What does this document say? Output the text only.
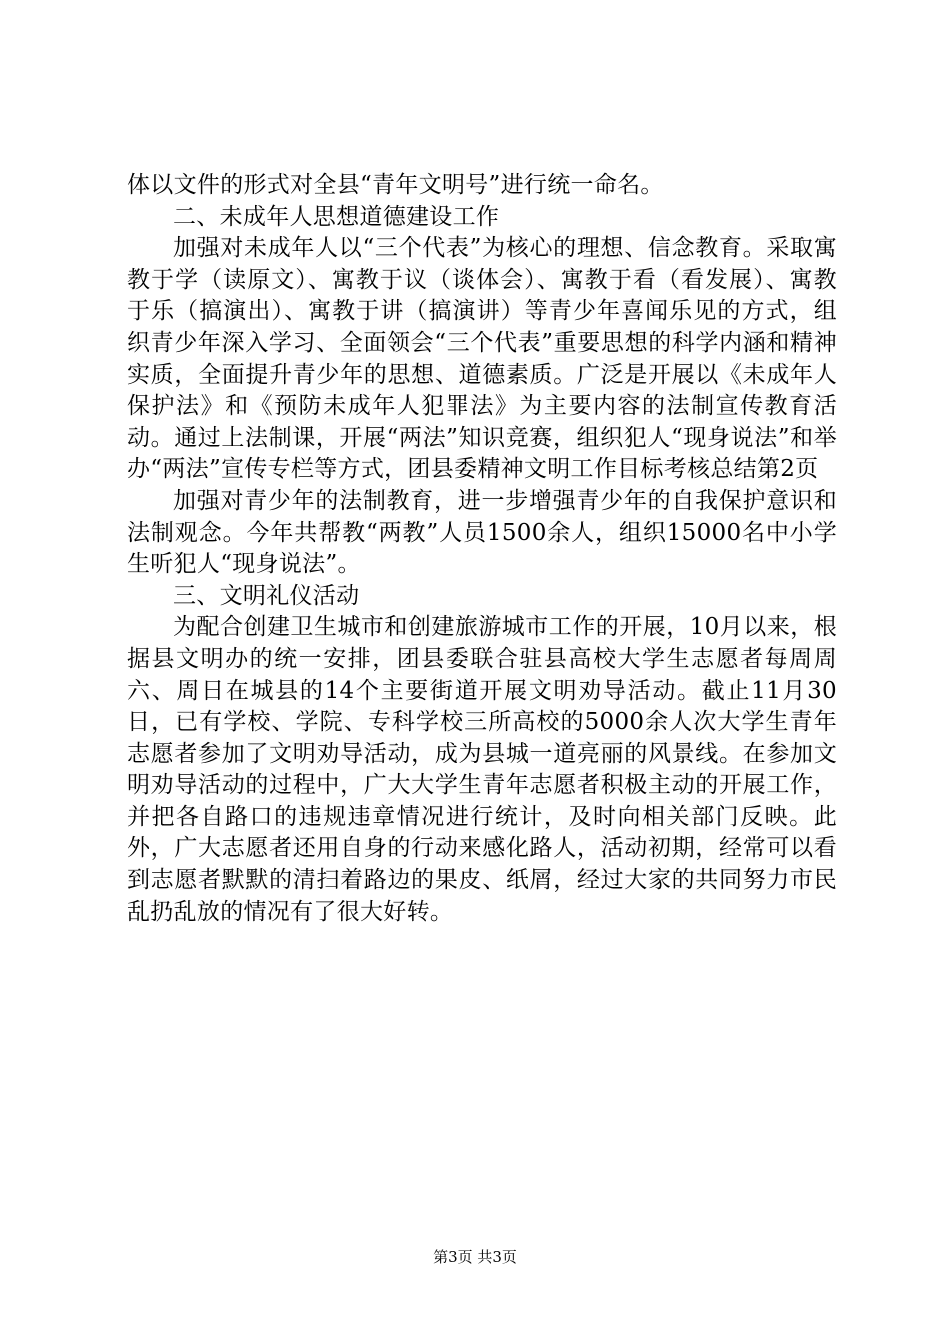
体以文件的形式对全县“青年文明号”进行统一命名。

二、未成年人思想道德建设工作

加强对未成年人以“三个代表”为核心的理想、信念教育。采取寓教于学（读原文）、寓教于议（谈体会）、寓教于看（看发展）、寓教于乐（搞演出）、寓教于讲（搞演讲）等青少年喜闻乐见的方式，组织青少年深入学习、全面领会“三个代表”重要思想的科学内涵和精神实质，全面提升青少年的思想、道德素质。广泛是开展以《未成年人保护法》和《预防未成年人犯罪法》为主要内容的法制宣传教育活动。通过上法制课，开展“两法”知识竞赛，组织犯人“现身说法”和举办“两法”宣传专栏等方式，团县委精神文明工作目标考核总结第2页

加强对青少年的法制教育，进一步增强青少年的自我保护意识和法制观念。今年共帮教“两教”人员1500余人，组织15000名中小学生听犯人“现身说法”。

三、文明礼仪活动

为配合创建卫生城市和创建旅游城市工作的开展，10月以来，根据县文明办的统一安排，团县委联合驻县高校大学生志愿者每周周六、周日在城县的14个主要街道开展文明劝导活动。截止11月30日，已有学校、学院、专科学校三所高校的5000余人次大学生青年志愿者参加了文明劝导活动，成为县城一道亮丽的风景线。在参加文明劝导活动的过程中，广大大学生青年志愿者积极主动的开展工作，并把各自路口的违规违章情况进行统计，及时向相关部门反映。此外，广大志愿者还用自身的行动来感化路人，活动初期，经常可以看到志愿者默默的清扫着路边的果皮、纸屑，经过大家的共同努力市民乱扔乱放的情况有了很大好转。

第3页 共3页
